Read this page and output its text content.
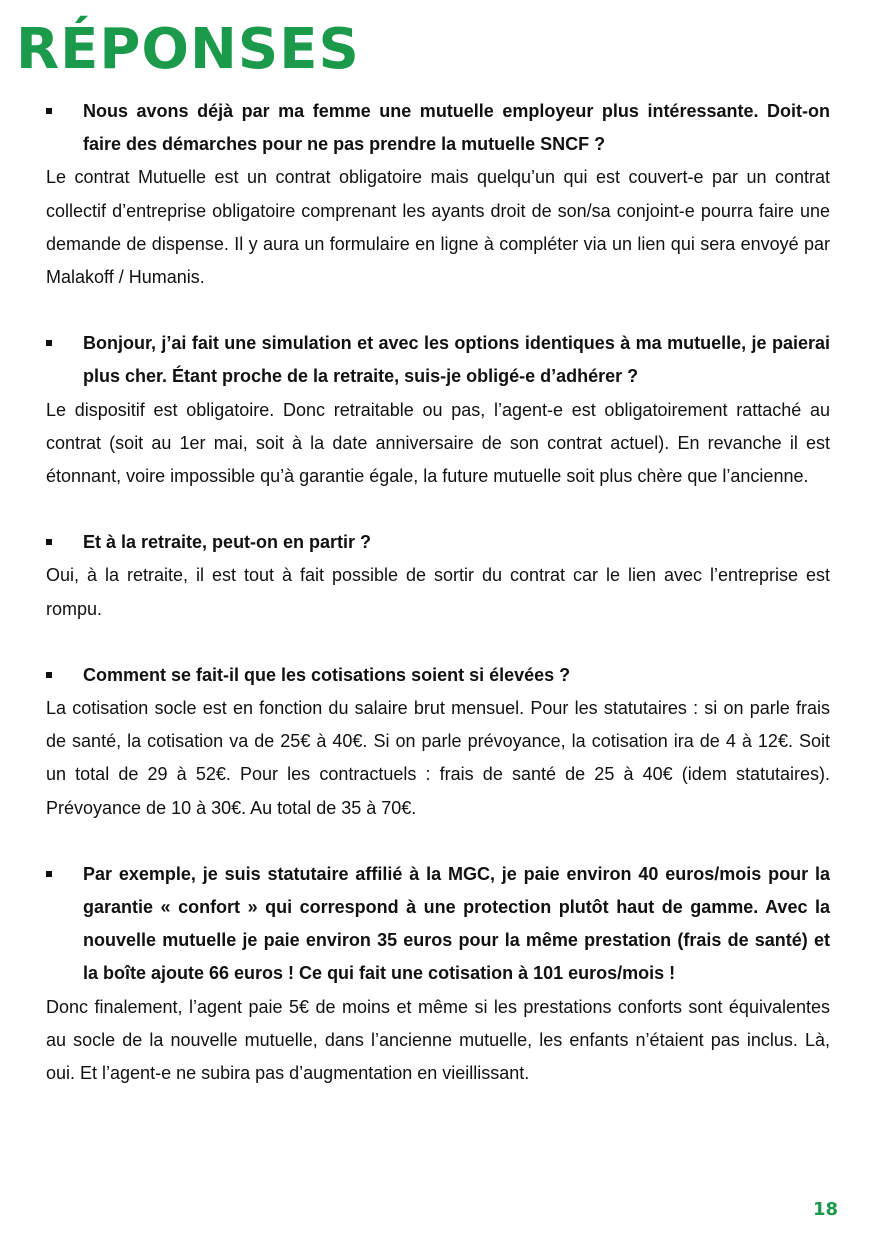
RÉPONSES
Nous avons déjà par ma femme une mutuelle employeur plus intéressante. Doit-on faire des démarches pour ne pas prendre la mutuelle SNCF ?

Le contrat Mutuelle est un contrat obligatoire mais quelqu’un qui est couvert-e par un contrat collectif d’entreprise obligatoire comprenant les ayants droit de son/sa conjoint-e pourra faire une demande de dispense. Il y aura un formulaire en ligne à compléter via un lien qui sera envoyé par Malakoff / Humanis.

Bonjour, j’ai fait une simulation et avec les options identiques à ma mutuelle, je paierai plus cher. Étant proche de la retraite, suis-je obligé-e d’adhérer ?

Le dispositif est obligatoire. Donc retraitable ou pas, l’agent-e est obligatoirement rattaché au contrat (soit au 1er mai, soit à la date anniversaire de son contrat actuel). En revanche il est étonnant, voire impossible qu’à garantie égale, la future mutuelle soit plus chère que l’ancienne.

Et à la retraite, peut-on en partir ?

Oui, à la retraite, il est tout à fait possible de sortir du contrat car le lien avec l’entreprise est rompu.

Comment se fait-il que les cotisations soient si élevées ?

La cotisation socle est en fonction du salaire brut mensuel. Pour les statutaires : si on parle frais de santé, la cotisation va de 25€ à 40€. Si on parle prévoyance, la cotisation ira de 4 à 12€. Soit un total de 29 à 52€. Pour les contractuels : frais de santé de 25 à 40€ (idem statutaires). Prévoyance de 10 à 30€. Au total de 35 à 70€.

Par exemple, je suis statutaire affilié à la MGC, je paie environ 40 euros/mois pour la garantie « confort » qui correspond à une protection plutôt haut de gamme. Avec la nouvelle mutuelle je paie environ 35 euros pour la même prestation (frais de santé) et la boîte ajoute 66 euros ! Ce qui fait une cotisation à 101 euros/mois !

Donc finalement, l’agent paie 5€ de moins et même si les prestations conforts sont équivalentes au socle de la nouvelle mutuelle, dans l’ancienne mutuelle, les enfants n’étaient pas inclus. Là, oui. Et l’agent-e ne subira pas d’augmentation en vieillissant.

18
